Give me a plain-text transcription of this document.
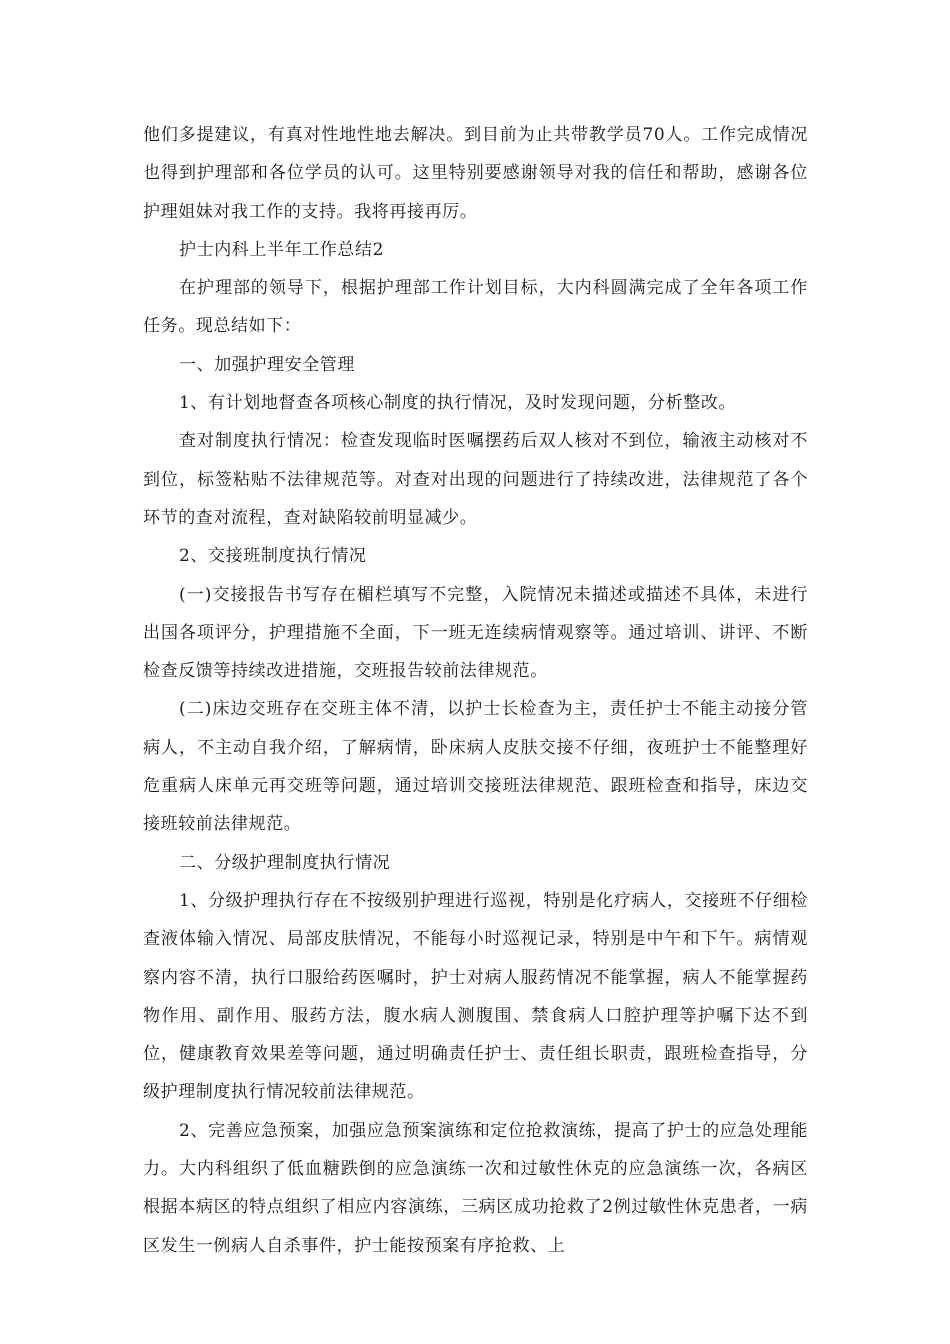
他们多提建议，有真对性地性地去解决。到目前为止共带教学员70人。工作完成情况也得到护理部和各位学员的认可。这里特别要感谢领导对我的信任和帮助，感谢各位护理姐妹对我工作的支持。我将再接再厉。

护士内科上半年工作总结2

在护理部的领导下，根据护理部工作计划目标，大内科圆满完成了全年各项工作任务。现总结如下：

一、加强护理安全管理

1、有计划地督查各项核心制度的执行情况，及时发现问题，分析整改。

查对制度执行情况：检查发现临时医嘱摆药后双人核对不到位，输液主动核对不到位，标签粘贴不法律规范等。对查对出现的问题进行了持续改进，法律规范了各个环节的查对流程，查对缺陷较前明显减少。

2、交接班制度执行情况

(一)交接报告书写存在楣栏填写不完整，入院情况未描述或描述不具体，未进行出国各项评分，护理措施不全面，下一班无连续病情观察等。通过培训、讲评、不断检查反馈等持续改进措施，交班报告较前法律规范。

(二)床边交班存在交班主体不清，以护士长检查为主，责任护士不能主动接分管病人，不主动自我介绍，了解病情，卧床病人皮肤交接不仔细，夜班护士不能整理好危重病人床单元再交班等问题，通过培训交接班法律规范、跟班检查和指导，床边交接班较前法律规范。

二、分级护理制度执行情况

1、分级护理执行存在不按级别护理进行巡视，特别是化疗病人，交接班不仔细检查液体输入情况、局部皮肤情况，不能每小时巡视记录，特别是中午和下午。病情观察内容不清，执行口服给药医嘱时，护士对病人服药情况不能掌握，病人不能掌握药物作用、副作用、服药方法，腹水病人测腹围、禁食病人口腔护理等护嘱下达不到位，健康教育效果差等问题，通过明确责任护士、责任组长职责，跟班检查指导，分级护理制度执行情况较前法律规范。

2、完善应急预案，加强应急预案演练和定位抢救演练，提高了护士的应急处理能力。大内科组织了低血糖跌倒的应急演练一次和过敏性休克的应急演练一次，各病区根据本病区的特点组织了相应内容演练，三病区成功抢救了2例过敏性休克患者，一病区发生一例病人自杀事件，护士能按预案有序抢救、上
